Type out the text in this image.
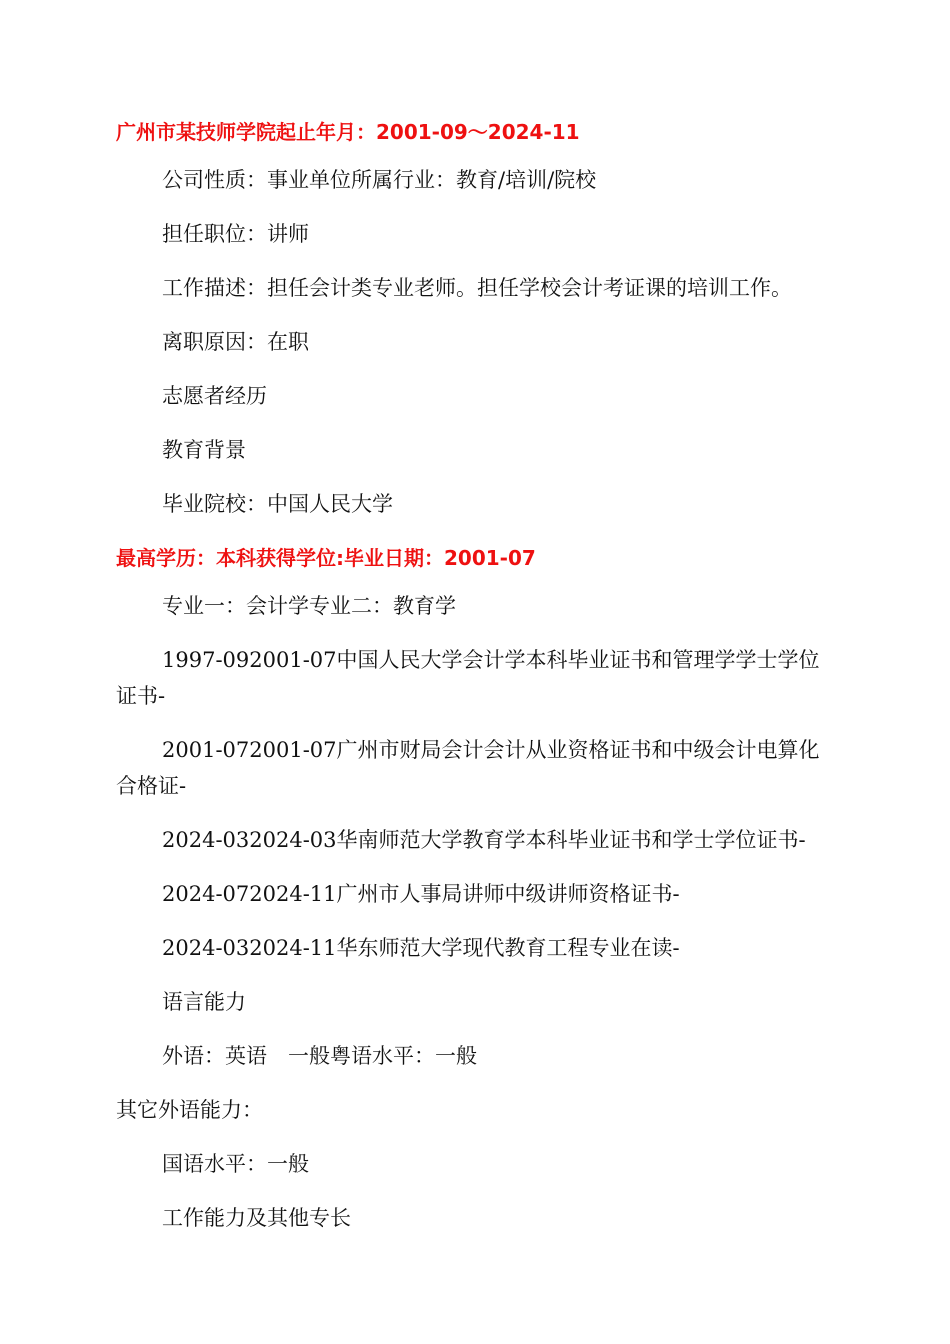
广州市某技师学院起止年月：2001-09～2024-11

公司性质：事业单位所属行业：教育/培训/院校

担任职位：讲师

工作描述：担任会计类专业老师。担任学校会计考证课的培训工作。

离职原因：在职

志愿者经历

教育背景

毕业院校：中国人民大学

最高学历：本科获得学位:毕业日期：2001-07

专业一：会计学专业二：教育学

1997-092001-07中国人民大学会计学本科毕业证书和管理学学士学位证书-

2001-072001-07广州市财局会计会计从业资格证书和中级会计电算化合格证-

2024-032024-03华南师范大学教育学本科毕业证书和学士学位证书-

2024-072024-11广州市人事局讲师中级讲师资格证书-

2024-032024-11华东师范大学现代教育工程专业在读-

语言能力

外语：英语　一般粤语水平：一般

其它外语能力：

国语水平：一般

工作能力及其他专长
